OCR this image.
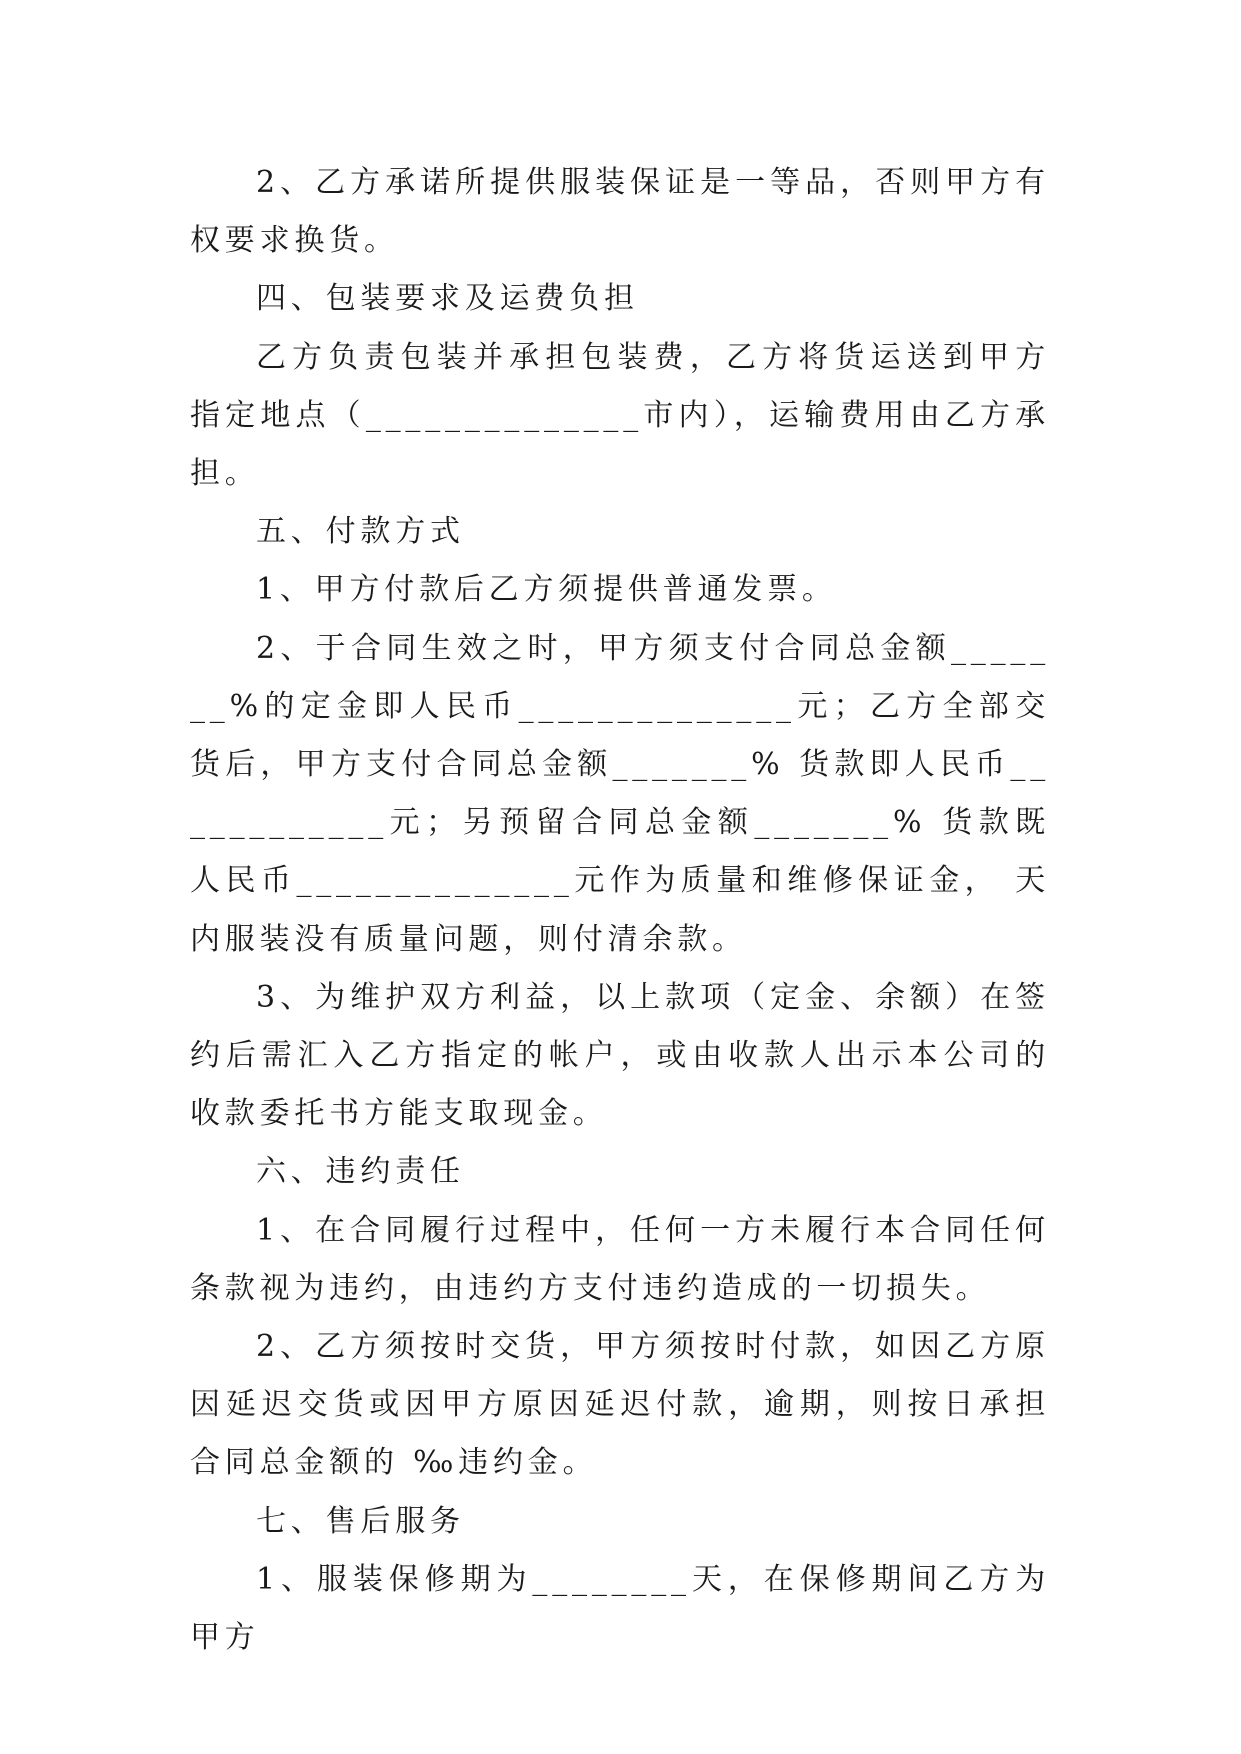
2、乙方承诺所提供服装保证是一等品，否则甲方有权要求换货。

四、包装要求及运费负担

乙方负责包装并承担包装费，乙方将货运送到甲方指定地点（______________市内），运输费用由乙方承担。

五、付款方式

1、甲方付款后乙方须提供普通发票。

2、于合同生效之时，甲方须支付合同总金额_______%的定金即人民币______________元；乙方全部交货后，甲方支付合同总金额_______% 货款即人民币____________元；另预留合同总金额_______% 货款既人民币______________元作为质量和维修保证金， 天内服装没有质量问题，则付清余款。

3、为维护双方利益，以上款项（定金、余额）在签约后需汇入乙方指定的帐户，或由收款人出示本公司的收款委托书方能支取现金。

六、违约责任

1、在合同履行过程中，任何一方未履行本合同任何条款视为违约，由违约方支付违约造成的一切损失。

2、乙方须按时交货，甲方须按时付款，如因乙方原因延迟交货或因甲方原因延迟付款，逾期，则按日承担合同总金额的 ‰违约金。

七、售后服务

1、服装保修期为________天，在保修期间乙方为甲方
